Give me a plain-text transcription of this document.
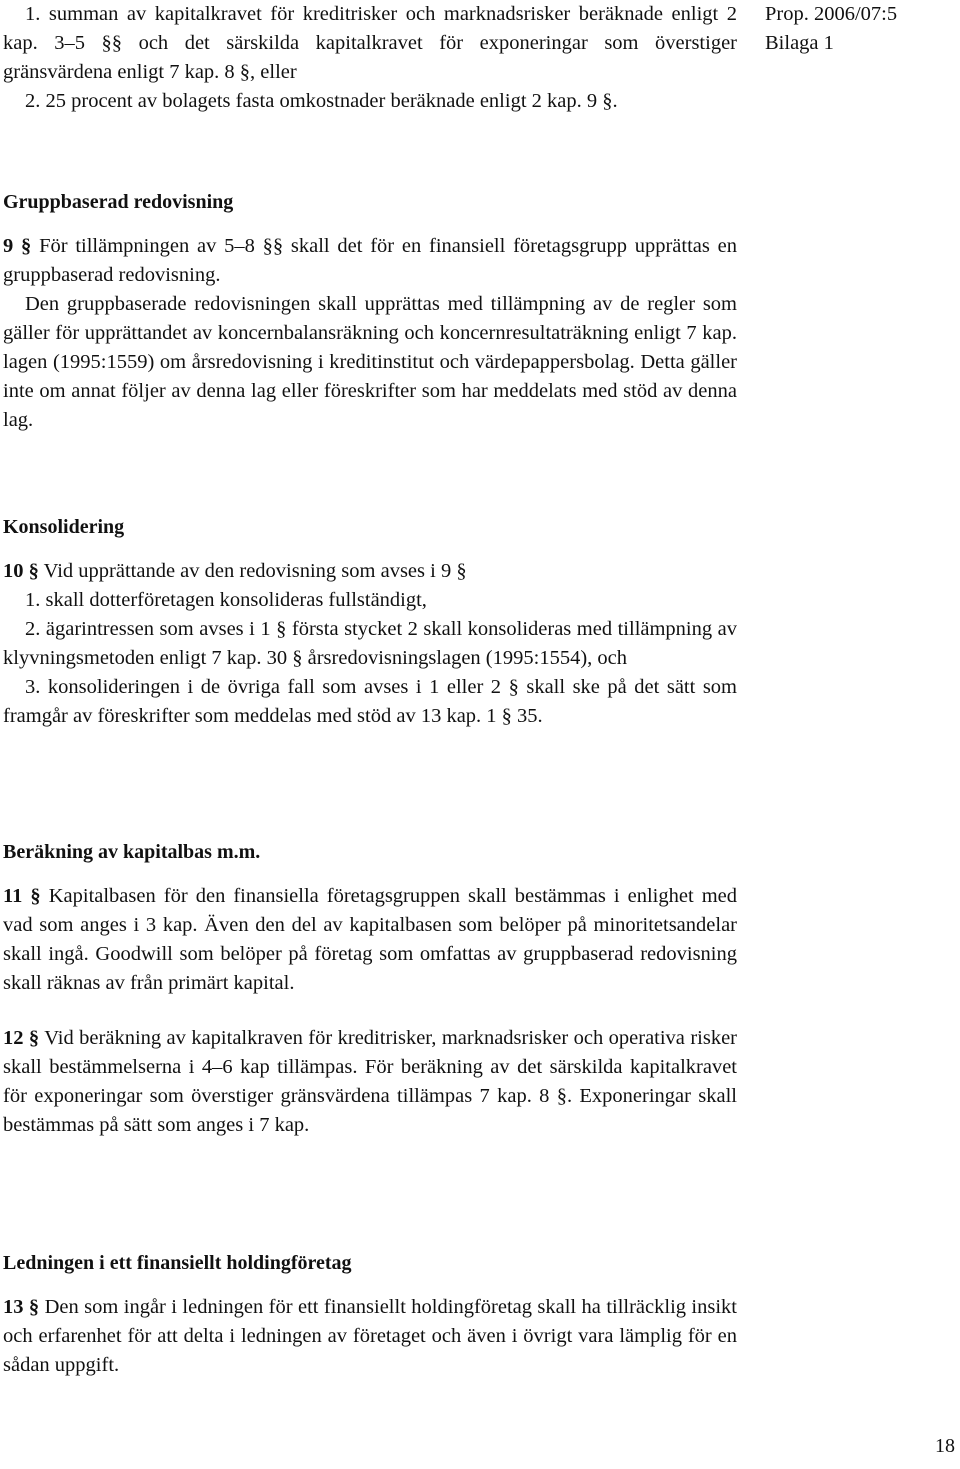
1. summan av kapitalkravet för kreditrisker och marknadsrisker beräknade enligt 2 kap. 3–5 §§ och det särskilda kapitalkravet för exponeringar som överstiger gränsvärdena enligt 7 kap. 8 §, eller

2. 25 procent av bolagets fasta omkostnader beräknade enligt 2 kap. 9 §.

Gruppbaserad redovisning

9 § För tillämpningen av 5–8 §§ skall det för en finansiell företagsgrupp upprättas en gruppbaserad redovisning.

Den gruppbaserade redovisningen skall upprättas med tillämpning av de regler som gäller för upprättandet av koncernbalansräkning och koncernresultaträkning enligt 7 kap. lagen (1995:1559) om årsredovisning i kreditinstitut och värdepappersbolag. Detta gäller inte om annat följer av denna lag eller föreskrifter som har meddelats med stöd av denna lag.

Konsolidering

10 § Vid upprättande av den redovisning som avses i 9 §

1. skall dotterföretagen konsolideras fullständigt,

2. ägarintressen som avses i 1 § första stycket 2 skall konsolideras med tillämpning av klyvningsmetoden enligt 7 kap. 30 § årsredovisningslagen (1995:1554), och

3. konsolideringen i de övriga fall som avses i 1 eller 2 § skall ske på det sätt som framgår av föreskrifter som meddelas med stöd av 13 kap. 1 § 35.

Beräkning av kapitalbas m.m.

11 § Kapitalbasen för den finansiella företagsgruppen skall bestämmas i enlighet med vad som anges i 3 kap. Även den del av kapitalbasen som belöper på minoritetsandelar skall ingå. Goodwill som belöper på företag som omfattas av gruppbaserad redovisning skall räknas av från primärt kapital.

12 § Vid beräkning av kapitalkraven för kreditrisker, marknadsrisker och operativa risker skall bestämmelserna i 4–6 kap tillämpas. För beräkning av det särskilda kapitalkravet för exponeringar som överstiger gränsvärdena tillämpas 7 kap. 8 §. Exponeringar skall bestämmas på sätt som anges i 7 kap.

Ledningen i ett finansiellt holdingföretag

13 § Den som ingår i ledningen för ett finansiellt holdingföretag skall ha tillräcklig insikt och erfarenhet för att delta i ledningen av företaget och även i övrigt vara lämplig för en sådan uppgift.

Prop. 2006/07:5
Bilaga 1
18
